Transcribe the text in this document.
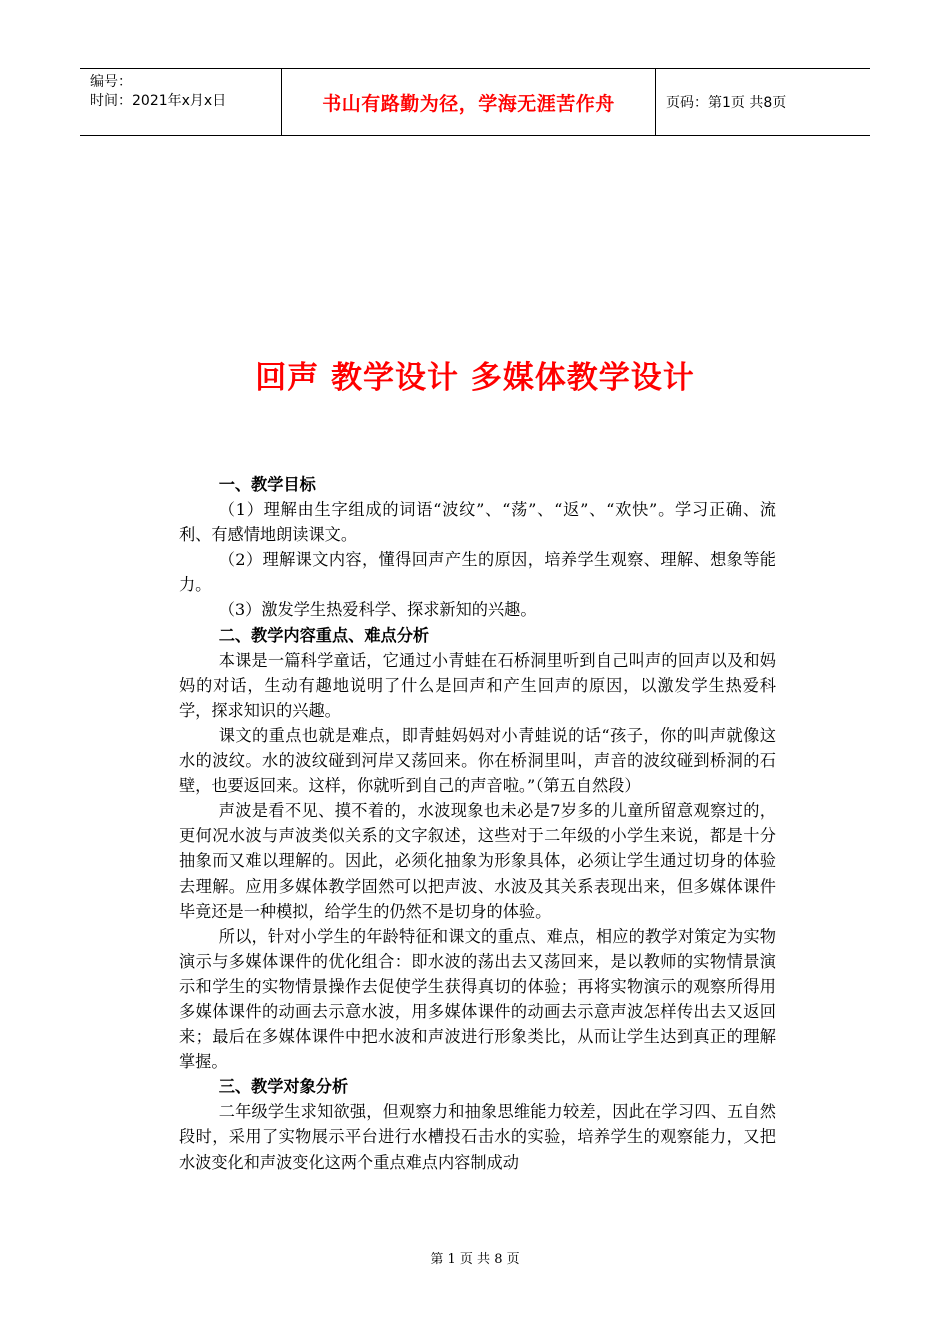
编号：
时间：2021年x月x日	书山有路勤为径，学海无涯苦作舟	页码：第1页 共8页
回声 教学设计 多媒体教学设计
一、教学目标

（1）理解由生字组成的词语“波纹”、“荡”、“返”、“欢快”。学习正确、流利、有感情地朗读课文。

（2）理解课文内容，懂得回声产生的原因，培养学生观察、理解、想象等能力。

（3）激发学生热爱科学、探求新知的兴趣。

二、教学内容重点、难点分析

本课是一篇科学童话，它通过小青蛙在石桥洞里听到自己叫声的回声以及和妈妈的对话，生动有趣地说明了什么是回声和产生回声的原因，以激发学生热爱科学，探求知识的兴趣。

课文的重点也就是难点，即青蛙妈妈对小青蛙说的话“孩子，你的叫声就像这水的波纹。水的波纹碰到河岸又荡回来。你在桥洞里叫，声音的波纹碰到桥洞的石壁，也要返回来。这样，你就听到自己的声音啦。”（第五自然段）

声波是看不见、摸不着的，水波现象也未必是7岁多的儿童所留意观察过的，更何况水波与声波类似关系的文字叙述，这些对于二年级的小学生来说，都是十分抽象而又难以理解的。因此，必须化抽象为形象具体，必须让学生通过切身的体验去理解。应用多媒体教学固然可以把声波、水波及其关系表现出来，但多媒体课件毕竟还是一种模拟，给学生的仍然不是切身的体验。

所以，针对小学生的年龄特征和课文的重点、难点，相应的教学对策定为实物演示与多媒体课件的优化组合：即水波的荡出去又荡回来，是以教师的实物情景演示和学生的实物情景操作去促使学生获得真切的体验；再将实物演示的观察所得用多媒体课件的动画去示意水波，用多媒体课件的动画去示意声波怎样传出去又返回来；最后在多媒体课件中把水波和声波进行形象类比，从而让学生达到真正的理解掌握。

三、教学对象分析

二年级学生求知欲强，但观察力和抽象思维能力较差，因此在学习四、五自然段时，采用了实物展示平台进行水槽投石击水的实验，培养学生的观察能力，又把水波变化和声波变化这两个重点难点内容制成动

第 1 页 共 8 页
